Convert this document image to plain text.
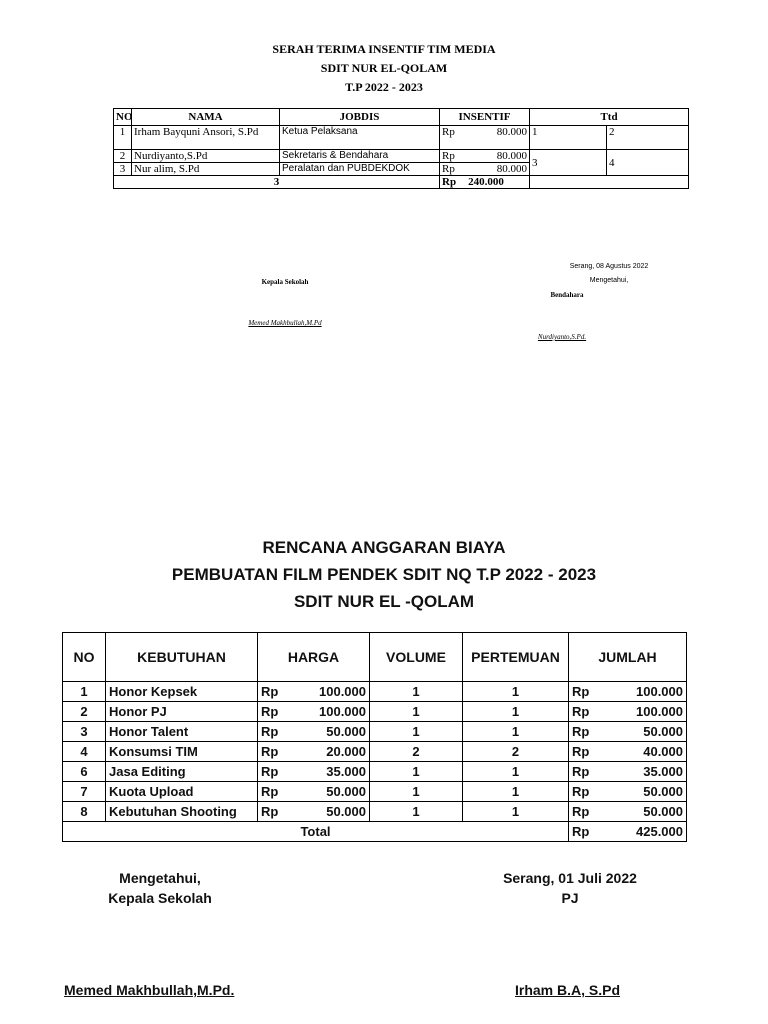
SERAH TERIMA INSENTIF TIM MEDIA
SDIT NUR EL-QOLAM
T.P 2022 - 2023
NO	NAMA	JOBDIS	INSENTIF	Ttd	
1	Irham Bayquni Ansori, S.Pd	Ketua Pelaksana	Rp 80.000	1	2
2	Nurdiyanto,S.Pd	Sekretaris & Bendahara	Rp 80.000	3	4
3	Nur alim, S.Pd	Peralatan dan PUBDEKDOK	Rp 80.000		

3			Rp 240.000		

Serang, 08 Agustus 2022
Mengetahui,
Bendahara
Kepala Sekolah
Memed Makhbullah,M.Pd
Nurdiyanto,S.Pd.
RENCANA ANGGARAN BIAYA
PEMBUATAN FILM PENDEK SDIT NQ T.P 2022 - 2023
SDIT NUR EL -QOLAM
NO	KEBUTUHAN	HARGA	VOLUME	PERTEMUAN	JUMLAH
1	Honor Kepsek	Rp 100.000	1	1	Rp 100.000

2	Honor PJ	Rp 100.000	1	1	Rp 100.000

3	Honor Talent	Rp 50.000	1	1	Rp 50.000

4	Konsumsi TIM	Rp 20.000	2	2	Rp 40.000

6	Jasa Editing	Rp 35.000	1	1	Rp 35.000

7	Kuota Upload	Rp 50.000	1	1	Rp 50.000

8	Kebutuhan Shooting	Rp 50.000	1	1	Rp 50.000

Total					Rp 425.000
Mengetahui,
Kepala Sekolah
Serang, 01 Juli 2022
PJ
Memed Makhbullah,M.Pd.	Irham B.A, S.Pd
